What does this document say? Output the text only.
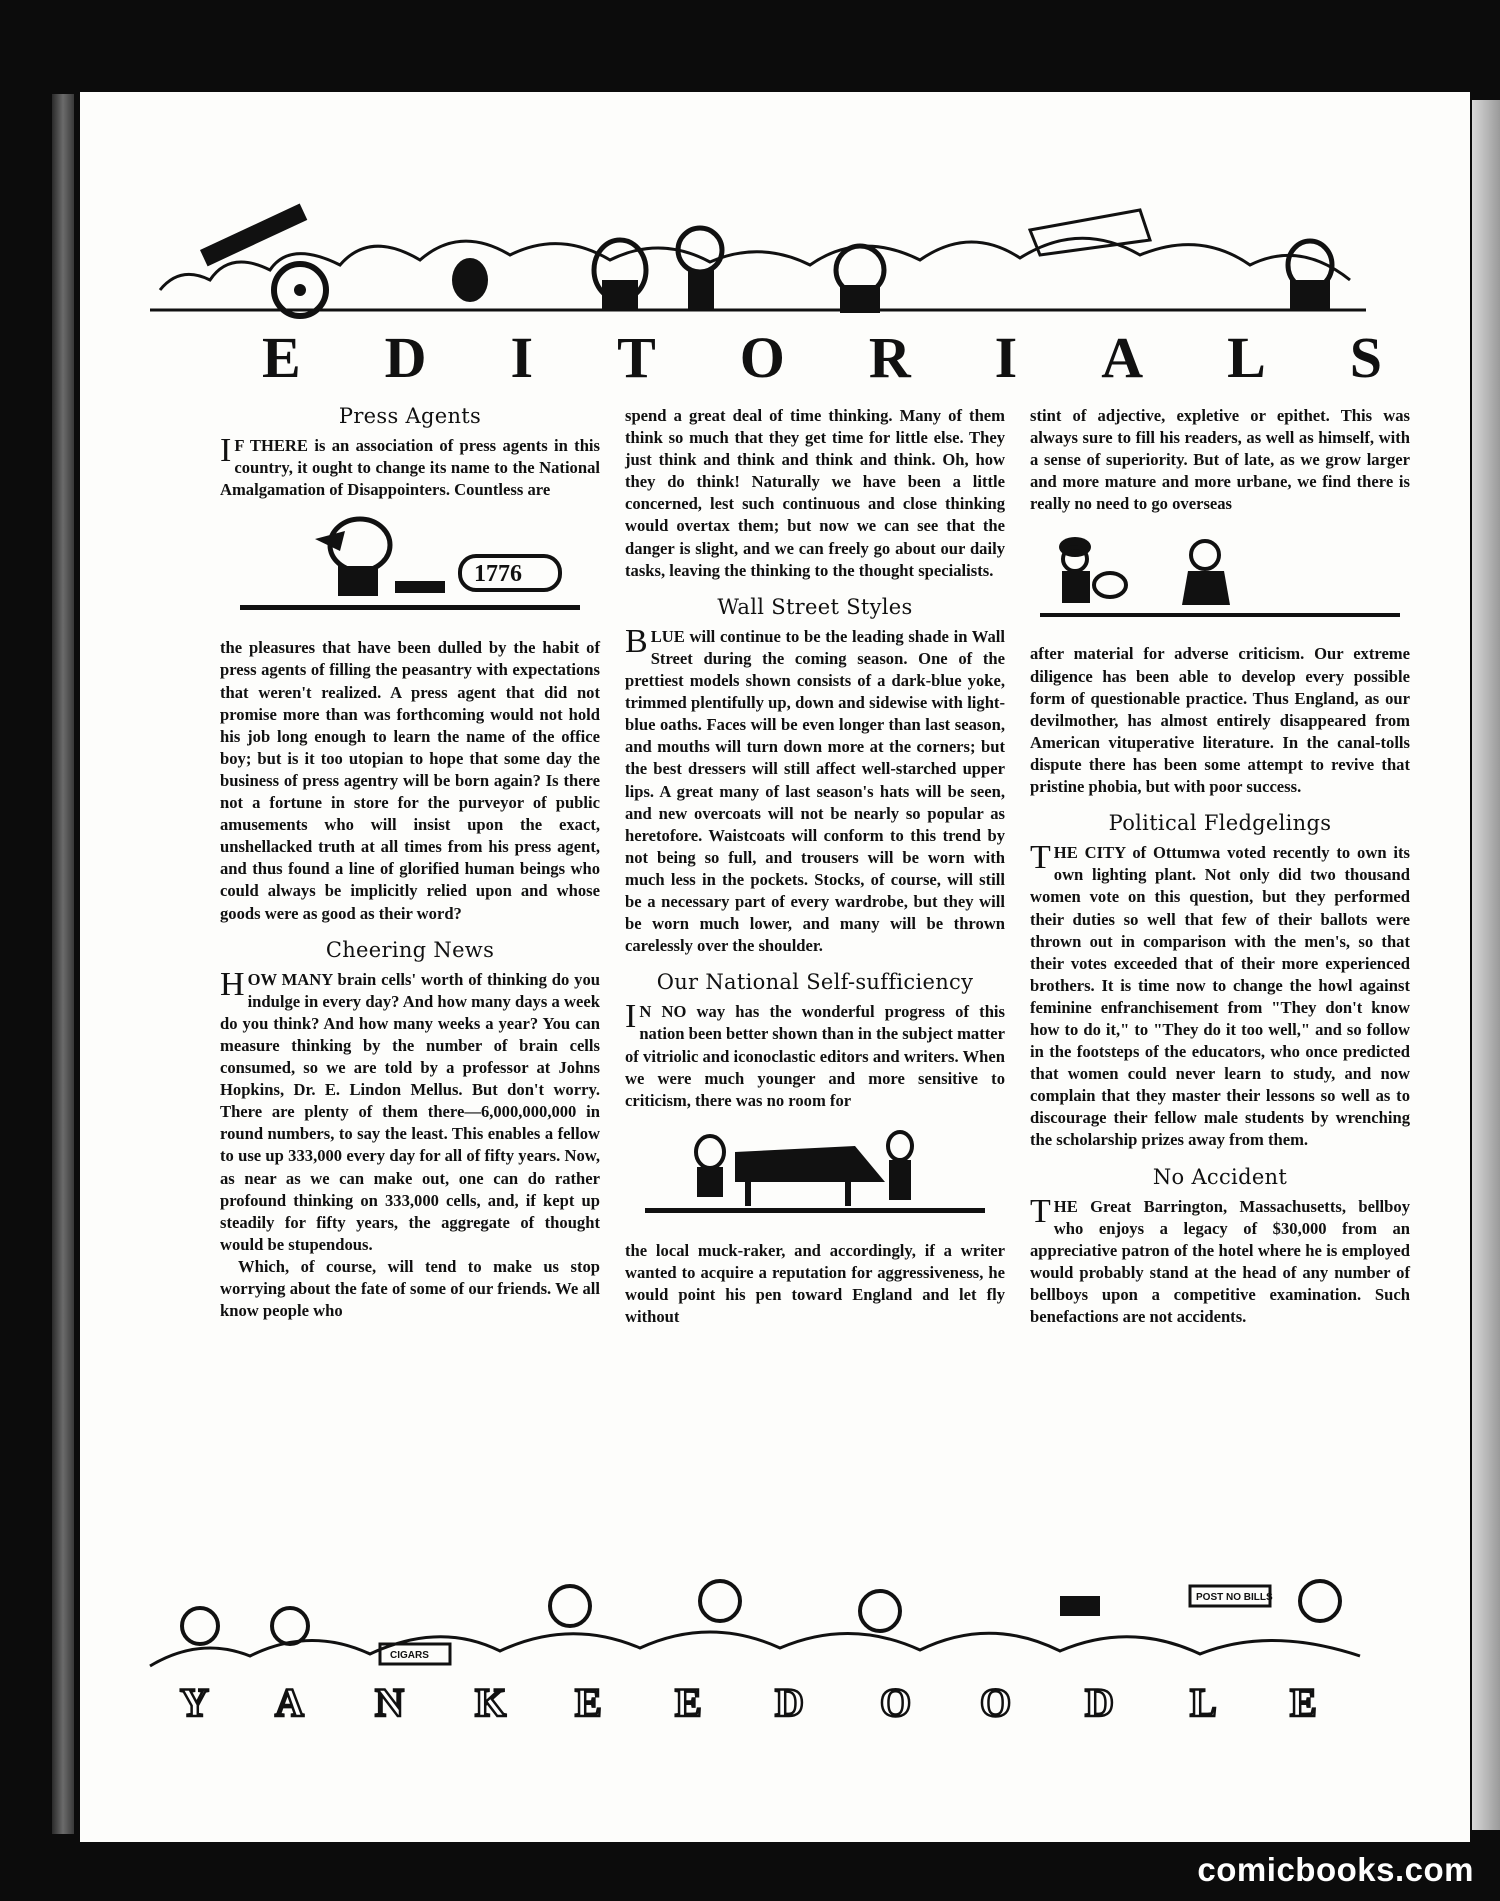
E D I T O R I A L S
Press Agents

IF THERE is an association of press agents in this country, it ought to change its name to the National Amalgamation of Disappointers. Countless are

1776

the pleasures that have been dulled by the habit of press agents of filling the peasantry with expectations that weren't realized. A press agent that did not promise more than was forthcoming would not hold his job long enough to learn the name of the office boy; but is it too utopian to hope that some day the business of press agentry will be born again? Is there not a fortune in store for the purveyor of public amusements who will insist upon the exact, unshellacked truth at all times from his press agent, and thus found a line of glorified human beings who could always be implicitly relied upon and whose goods were as good as their word?

Cheering News

HOW MANY brain cells' worth of thinking do you indulge in every day? And how many days a week do you think? And how many weeks a year? You can measure thinking by the number of brain cells consumed, so we are told by a professor at Johns Hopkins, Dr. E. Lindon Mellus. But don't worry. There are plenty of them there—6,000,000,000 in round numbers, to say the least. This enables a fellow to use up 333,000 every day for all of fifty years. Now, as near as we can make out, one can do rather profound thinking on 333,000 cells, and, if kept up steadily for fifty years, the aggregate of thought would be stupendous.

Which, of course, will tend to make us stop worrying about the fate of some of our friends. We all know people who

spend a great deal of time thinking. Many of them think so much that they get time for little else. They just think and think and think and think. Oh, how they do think! Naturally we have been a little concerned, lest such continuous and close thinking would overtax them; but now we can see that the danger is slight, and we can freely go about our daily tasks, leaving the thinking to the thought specialists.

Wall Street Styles

BLUE will continue to be the leading shade in Wall Street during the coming season. One of the prettiest models shown consists of a dark-blue yoke, trimmed plentifully up, down and sidewise with light-blue oaths. Faces will be even longer than last season, and mouths will turn down more at the corners; but the best dressers will still affect well-starched upper lips. A great many of last season's hats will be seen, and new overcoats will not be nearly so popular as heretofore. Waistcoats will conform to this trend by not being so full, and trousers will be worn with much less in the pockets. Stocks, of course, will still be a necessary part of every wardrobe, but they will be worn much lower, and many will be thrown carelessly over the shoulder.

Our National Self-sufficiency

IN NO way has the wonderful progress of this nation been better shown than in the subject matter of vitriolic and iconoclastic editors and writers. When we were much younger and more sensitive to criticism, there was no room for

the local muck-raker, and accordingly, if a writer wanted to acquire a reputation for aggressiveness, he would point his pen toward England and let fly without

stint of adjective, expletive or epithet. This was always sure to fill his readers, as well as himself, with a sense of superiority. But of late, as we grow larger and more mature and more urbane, we find there is really no need to go overseas

after material for adverse criticism. Our extreme diligence has been able to develop every possible form of questionable practice. Thus England, as our devilmother, has almost entirely disappeared from American vituperative literature. In the canal-tolls dispute there has been some attempt to revive that pristine phobia, but with poor success.

Political Fledgelings

THE CITY of Ottumwa voted recently to own its own lighting plant. Not only did two thousand women vote on this question, but they performed their duties so well that few of their ballots were thrown out in comparison with the men's, so that their votes exceeded that of their more experienced brothers. It is time now to change the howl against feminine enfranchisement from "They don't know how to do it," to "They do it too well," and so follow in the footsteps of the educators, who once predicted that women could never learn to study, and now complain that they master their lessons so well as to discourage their fellow male students by wrenching the scholarship prizes away from them.

No Accident

THE Great Barrington, Massachusetts, bellboy who enjoys a legacy of $30,000 from an appreciative patron of the hotel where he is employed would probably stand at the head of any number of bellboys upon a competitive examination. Such benefactions are not accidents.

Y A N K E E D O O D L E
CIGARS
POST NO BILLS
comicbooks.com
